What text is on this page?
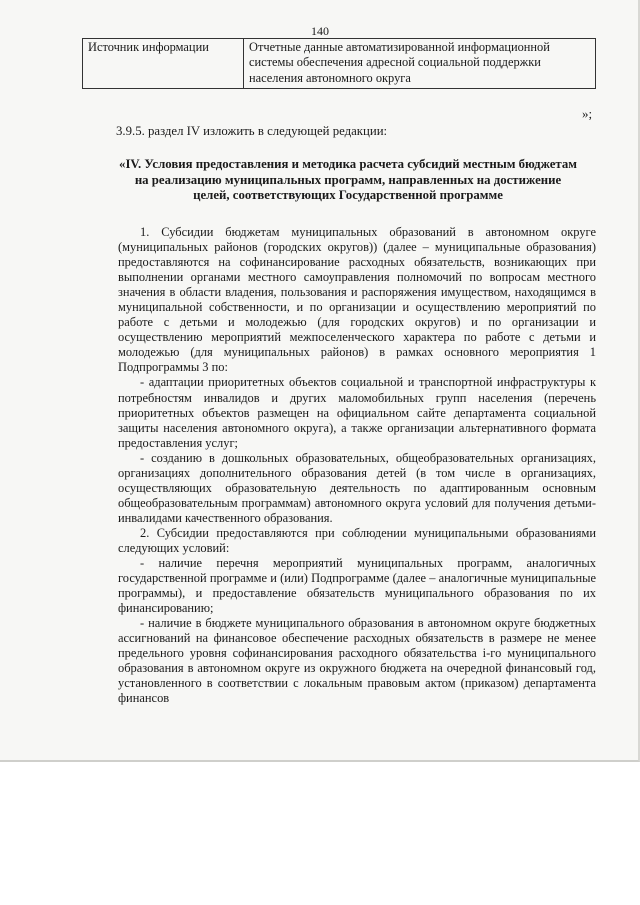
140
Источник информации	Отчетные данные автоматизированной информационной системы обеспечения адресной социальной поддержки населения автономного округа
»;
3.9.5. раздел IV изложить в следующей редакции:
«IV. Условия предоставления и методика расчета субсидий местным бюджетам на реализацию муниципальных программ, направленных на достижение целей, соответствующих Государственной программе

1. Субсидии бюджетам муниципальных образований в автономном округе (муниципальных районов (городских округов)) (далее – муниципальные образования) предоставляются на софинансирование расходных обязательств, возникающих при выполнении органами местного самоуправления полномочий по вопросам местного значения в области владения, пользования и распоряжения имуществом, находящимся в муниципальной собственности, и по организации и осуществлению мероприятий по работе с детьми и молодежью (для городских округов) и по организации и осуществлению мероприятий межпоселенческого характера по работе с детьми и молодежью (для муниципальных районов) в рамках основного мероприятия 1 Подпрограммы 3 по:

- адаптации приоритетных объектов социальной и транспортной инфраструктуры к потребностям инвалидов и других маломобильных групп населения (перечень приоритетных объектов размещен на официальном сайте департамента социальной защиты населения автономного округа), а также организации альтернативного формата предоставления услуг;

- созданию в дошкольных образовательных, общеобразовательных организациях, организациях дополнительного образования детей (в том числе в организациях, осуществляющих образовательную деятельность по адаптированным основным общеобразовательным программам) автономного округа условий для получения детьми-инвалидами качественного образования.

2. Субсидии предоставляются при соблюдении муниципальными образованиями следующих условий:

- наличие перечня мероприятий муниципальных программ, аналогичных государственной программе и (или) Подпрограмме (далее – аналогичные муниципальные программы), и предоставление обязательств муниципального образования по их финансированию;

- наличие в бюджете муниципального образования в автономном округе бюджетных ассигнований на финансовое обеспечение расходных обязательств в размере не менее предельного уровня софинансирования расходного обязательства i-го муниципального образования в автономном округе из окружного бюджета на очередной финансовый год, установленного в соответствии с локальным правовым актом (приказом) департамента финансов
